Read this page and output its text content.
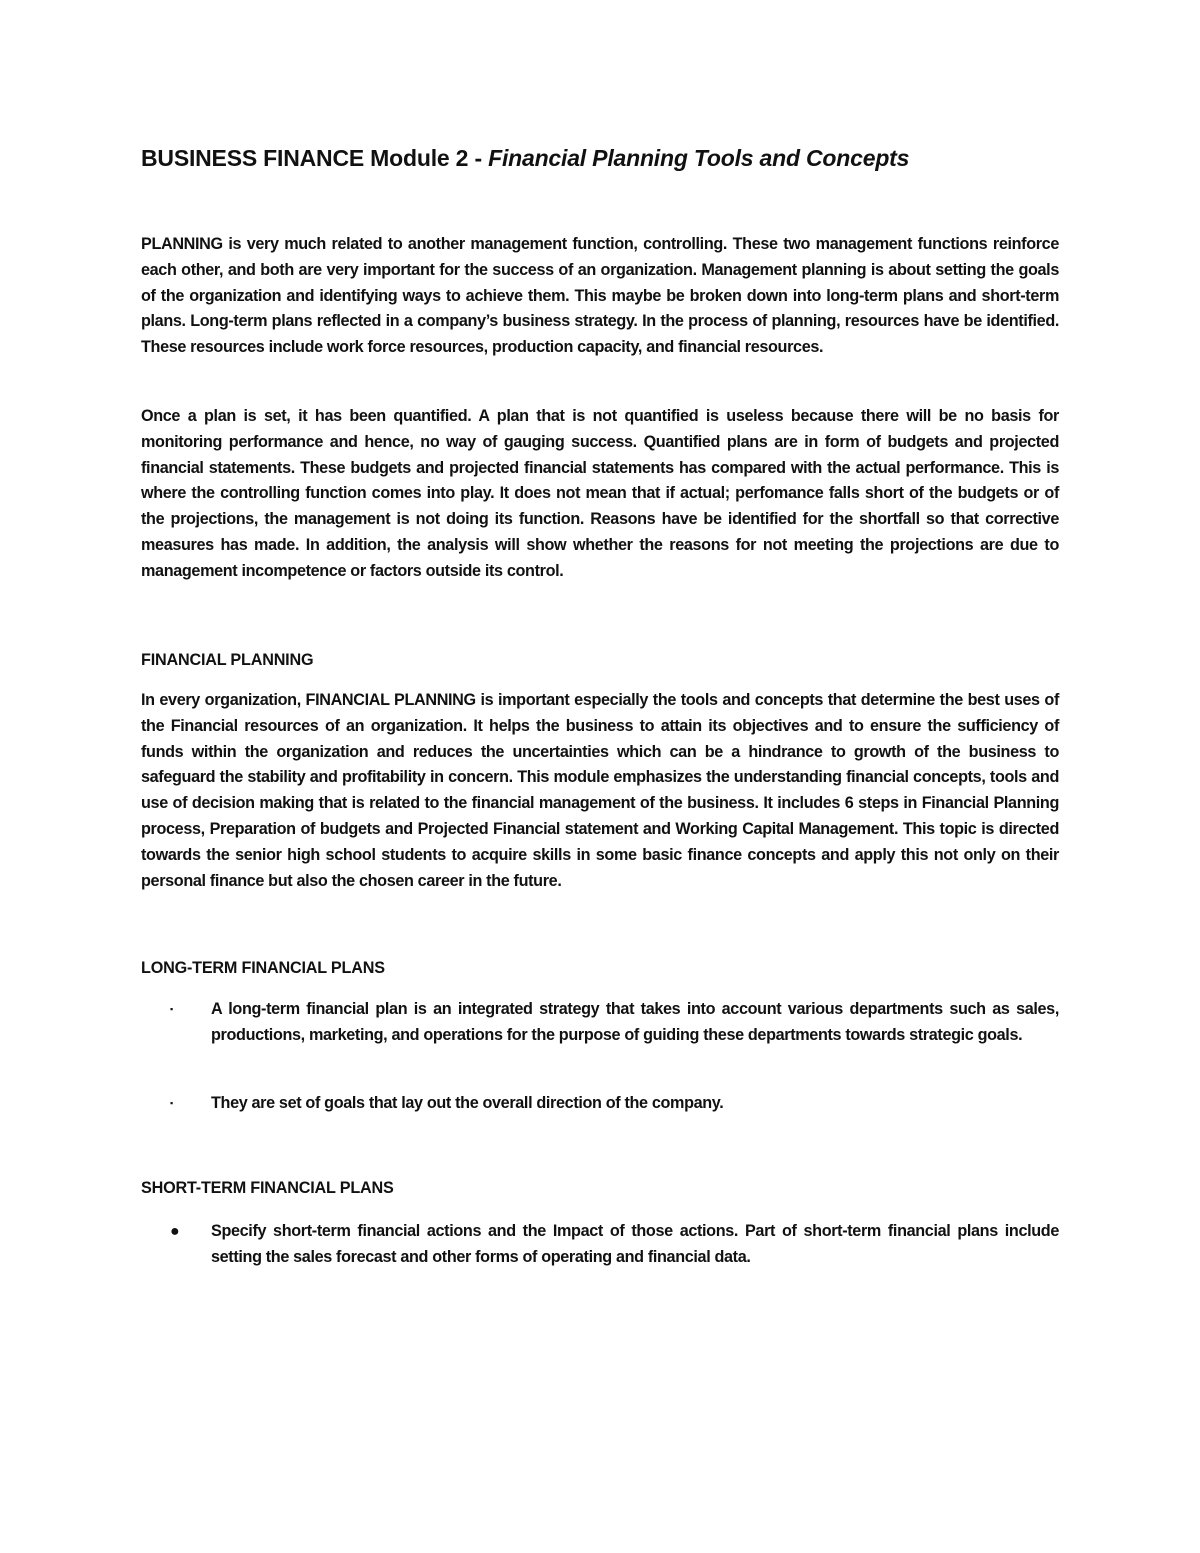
BUSINESS FINANCE Module 2 - Financial Planning Tools and Concepts

PLANNING is very much related to another management function, controlling. These two management functions reinforce each other, and both are very important for the success of an organization. Management planning is about setting the goals of the organization and identifying ways to achieve them. This maybe be broken down into long-term plans and short-term plans. Long-term plans reflected in a company’s business strategy. In the process of planning, resources have be identified. These resources include work force resources, production capacity, and financial resources.

Once a plan is set, it has been quantified. A plan that is not quantified is useless because there will be no basis for monitoring performance and hence, no way of gauging success. Quantified plans are in form of budgets and projected financial statements. These budgets and projected financial statements has compared with the actual performance. This is where the controlling function comes into play. It does not mean that if actual; perfomance falls short of the budgets or of the projections, the management is not doing its function. Reasons have be identified for the shortfall so that corrective measures has made. In addition, the analysis will show whether the reasons for not meeting the projections are due to management incompetence or factors outside its control.

FINANCIAL PLANNING

In every organization, FINANCIAL PLANNING is important especially the tools and concepts that determine the best uses of the Financial resources of an organization. It helps the business to attain its objectives and to ensure the sufficiency of funds within the organization and reduces the uncertainties which can be a hindrance to growth of the business to safeguard the stability and profitability in concern. This module emphasizes the understanding financial concepts, tools and use of decision making that is related to the financial management of the business. It includes 6 steps in Financial Planning process, Preparation of budgets and Projected Financial statement and Working Capital Management. This topic is directed towards the senior high school students to acquire skills in some basic finance concepts and apply this not only on their personal finance but also the chosen career in the future.

LONG-TERM FINANCIAL PLANS
▪	A long-term financial plan is an integrated strategy that takes into account various departments such as sales, productions, marketing, and operations for the purpose of guiding these departments towards strategic goals.

▪	They are set of goals that lay out the overall direction of the company.

SHORT-TERM FINANCIAL PLANS
●	Specify short-term financial actions and the Impact of those actions. Part of short-term financial plans include setting the sales forecast and other forms of operating and financial data.
